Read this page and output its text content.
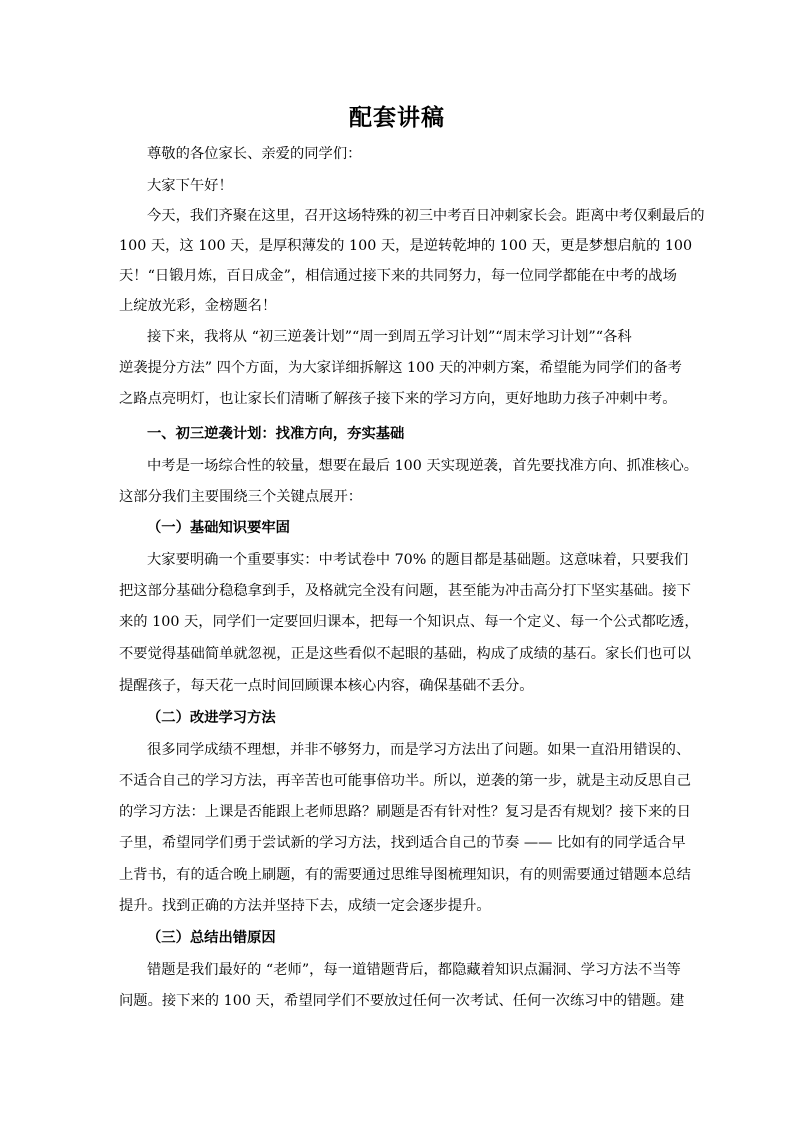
配套讲稿
尊敬的各位家长、亲爱的同学们：
大家下午好！
今天，我们齐聚在这里，召开这场特殊的初三中考百日冲刺家长会。距离中考仅剩最后的
100 天，这 100 天，是厚积薄发的 100 天，是逆转乾坤的 100 天，更是梦想启航的 100
天！“日锻月炼，百日成金”，相信通过接下来的共同努力，每一位同学都能在中考的战场
上绽放光彩，金榜题名！
接下来，我将从 “初三逆袭计划”“周一到周五学习计划”“周末学习计划”“各科
逆袭提分方法” 四个方面，为大家详细拆解这 100 天的冲刺方案，希望能为同学们的备考
之路点亮明灯，也让家长们清晰了解孩子接下来的学习方向，更好地助力孩子冲刺中考。
一、初三逆袭计划：找准方向，夯实基础
中考是一场综合性的较量，想要在最后 100 天实现逆袭，首先要找准方向、抓准核心。
这部分我们主要围绕三个关键点展开：
（一）基础知识要牢固
大家要明确一个重要事实：中考试卷中 70% 的题目都是基础题。这意味着，只要我们
把这部分基础分稳稳拿到手，及格就完全没有问题，甚至能为冲击高分打下坚实基础。接下
来的 100 天，同学们一定要回归课本，把每一个知识点、每一个定义、每一个公式都吃透，
不要觉得基础简单就忽视，正是这些看似不起眼的基础，构成了成绩的基石。家长们也可以
提醒孩子，每天花一点时间回顾课本核心内容，确保基础不丢分。
（二）改进学习方法
很多同学成绩不理想，并非不够努力，而是学习方法出了问题。如果一直沿用错误的、
不适合自己的学习方法，再辛苦也可能事倍功半。所以，逆袭的第一步，就是主动反思自己
的学习方法：上课是否能跟上老师思路？刷题是否有针对性？复习是否有规划？接下来的日
子里，希望同学们勇于尝试新的学习方法，找到适合自己的节奏 —— 比如有的同学适合早
上背书，有的适合晚上刷题，有的需要通过思维导图梳理知识，有的则需要通过错题本总结
提升。找到正确的方法并坚持下去，成绩一定会逐步提升。
（三）总结出错原因
错题是我们最好的 “老师”，每一道错题背后，都隐藏着知识点漏洞、学习方法不当等
问题。接下来的 100 天，希望同学们不要放过任何一次考试、任何一次练习中的错题。建
